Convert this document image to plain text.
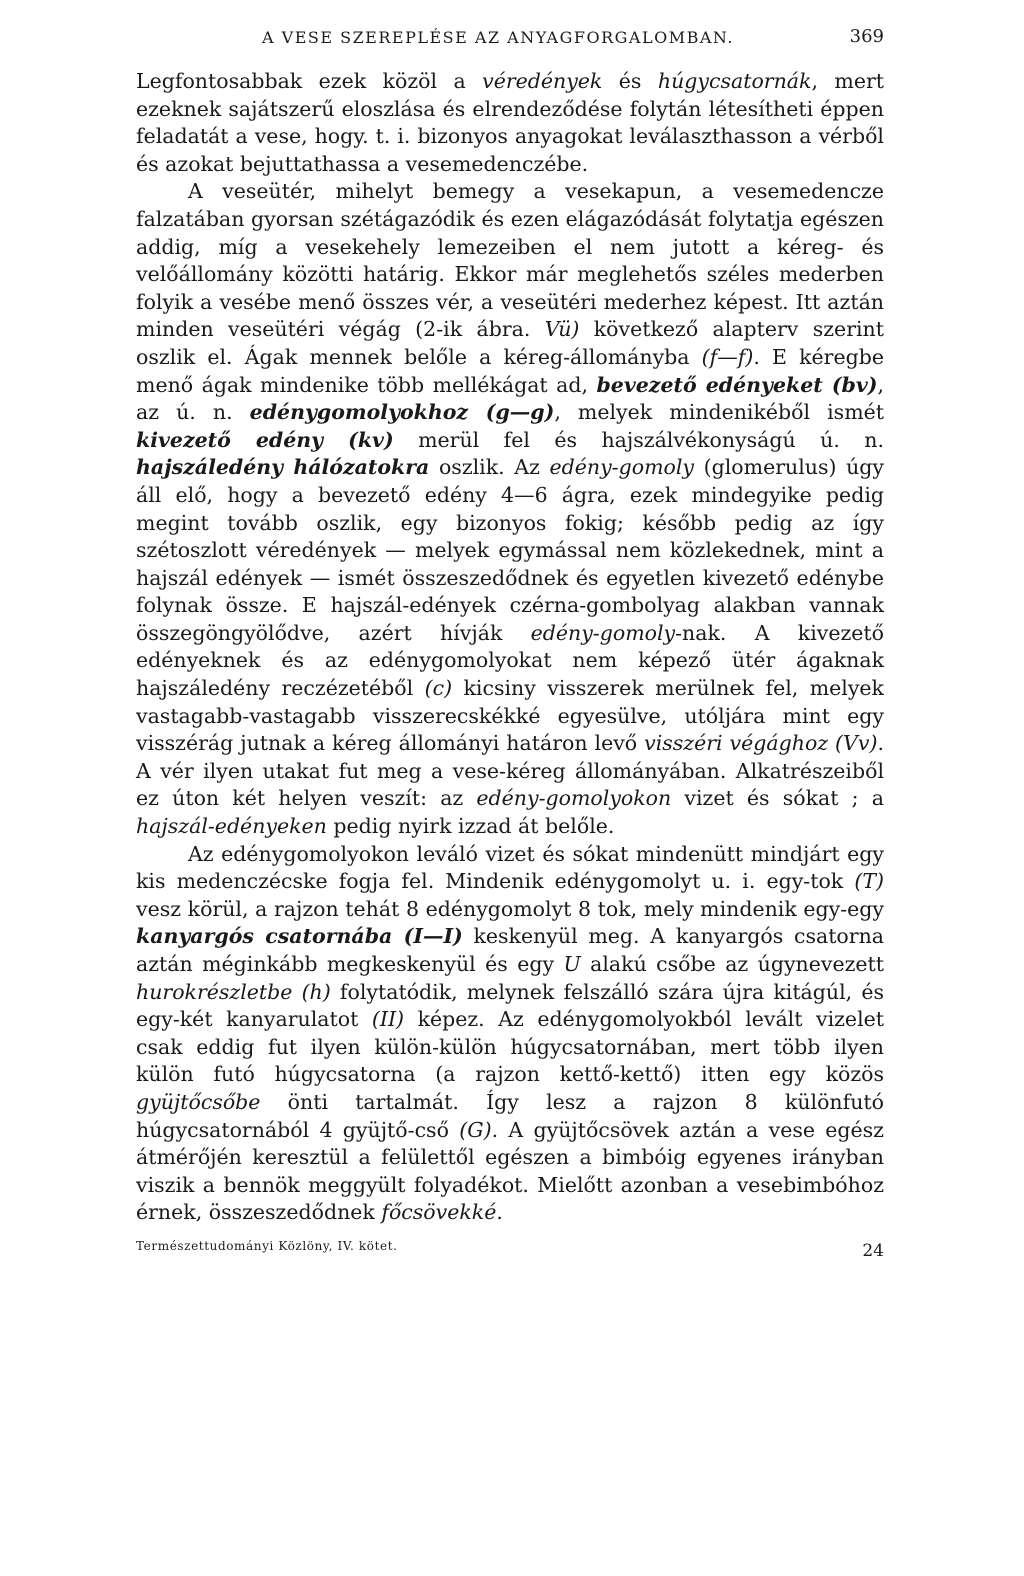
A VESE SZEREPLÉSE AZ ANYAGFORGALOMBAN.	369

Legfontosabbak ezek közöl a véredények és húgycsatornák, mert ezeknek sajátszerű eloszlása és elrendeződése folytán létesítheti éppen feladatát a vese, hogy. t. i. bizonyos anyagokat leválaszthasson a vérből és azokat bejuttathassa a vesemedenczébe.

A veseütér, mihelyt bemegy a vesekapun, a vesemedencze falzatában gyorsan szétágazódik és ezen elágazódását folytatja egészen addig, míg a vesekehely lemezeiben el nem jutott a kéreg- és velőállomány közötti határig. Ekkor már meglehetős széles mederben folyik a vesébe menő összes vér, a veseütéri mederhez képest. Itt aztán minden veseütéri végág (2-ik ábra. Vü) következő alapterv szerint oszlik el. Ágak mennek belőle a kéreg-állományba (f—f). E kéregbe menő ágak mindenike több mellékágat ad, bevezető edényeket (bv), az ú. n. edénygomolyokhoz (g—g), melyek mindenikéből ismét kivezető edény (kv) merül fel és hajszálvékonyságú ú. n. hajszáledény hálózatokra oszlik. Az edény-gomoly (glomerulus) úgy áll elő, hogy a bevezető edény 4—6 ágra, ezek mindegyike pedig megint tovább oszlik, egy bizonyos fokig; később pedig az így szétoszlott véredények — melyek egymással nem közlekednek, mint a hajszál edények — ismét összeszedődnek és egyetlen kivezető edénybe folynak össze. E hajszál-edények czérna-gombolyag alakban vannak összegöngyölődve, azért hívják edény-gomoly-nak. A kivezető edényeknek és az edénygomolyokat nem képező ütér ágaknak hajszáledény reczézetéből (c) kicsiny visszerek merülnek fel, melyek vastagabb-vastagabb visszerecskékké egyesülve, utóljára mint egy visszérág jutnak a kéreg állományi határon levő visszéri végághoz (Vv). A vér ilyen utakat fut meg a vese-kéreg állományában. Alkatrészeiből ez úton két helyen veszít: az edény-gomolyokon vizet és sókat ; a hajszál-edényeken pedig nyirk izzad át belőle.

Az edénygomolyokon leváló vizet és sókat mindenütt mindjárt egy kis medenczécske fogja fel. Mindenik edénygomolyt u. i. egy-tok (T) vesz körül, a rajzon tehát 8 edénygomolyt 8 tok, mely mindenik egy-egy kanyargós csatornába (I—I) keskenyül meg. A kanyargós csatorna aztán méginkább megkeskenyül és egy U alakú csőbe az úgynevezett hurokrészletbe (h) folytatódik, melynek felszálló szára újra kitágúl, és egy-két kanyarulatot (II) képez. Az edénygomolyokból levált vizelet csak eddig fut ilyen külön-külön húgycsatornában, mert több ilyen külön futó húgycsatorna (a rajzon kettő-kettő) itten egy közös gyüjtőcsőbe önti tartalmát. Így lesz a rajzon 8 különfutó húgycsatornából 4 gyüjtő-cső (G). A gyüjtőcsövek aztán a vese egész átmérőjén keresztül a felülettől egészen a bimbóig egyenes irányban viszik a bennök meggyült folyadékot. Mielőtt azonban a vesebimbóhoz érnek, összeszedődnek főcsövekké.

Természettudományi Közlöny, IV. kötet.	24
